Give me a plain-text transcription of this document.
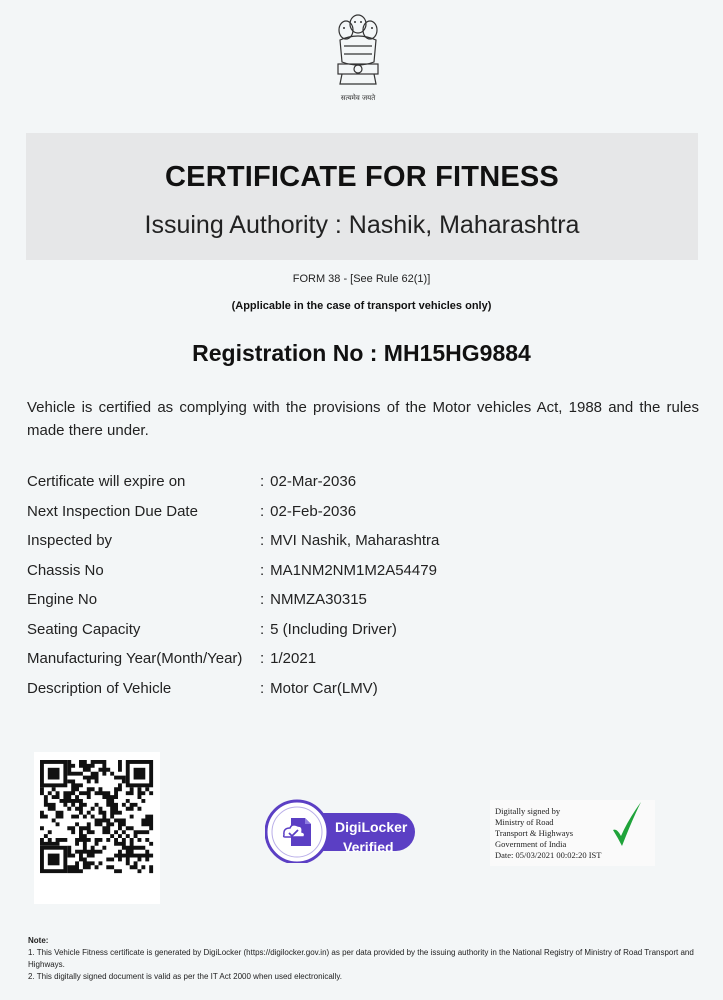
सत्यमेव जयते
CERTIFICATE FOR FITNESS
Issuing Authority : Nashik, Maharashtra
FORM 38 - [See Rule 62(1)]
(Applicable in the case of transport vehicles only)
Registration No : MH15HG9884
Vehicle is certified as complying with the provisions of the Motor vehicles Act, 1988 and the rules made there under.
Certificate will expire on	: 02-Mar-2036
Next Inspection Due Date	: 02-Feb-2036
Inspected by	: MVI Nashik, Maharashtra
Chassis No	: MA1NM2NM1M2A54479
Engine No	: NMMZA30315
Seating Capacity	: 5 (Including Driver)
Manufacturing Year(Month/Year) : 1/2021
Description of Vehicle	: Motor Car(LMV)
DigiLocker
Verified
Digitally signed by
Ministry of Road
Transport & Highways
Government of India
Date: 05/03/2021 00:02:20 IST
Note:
1. This Vehicle Fitness certificate is generated by DigiLocker (https://digilocker.gov.in) as per data provided by the issuing authority in the National Registry of Ministry of Road Transport and Highways.
2. This digitally signed document is valid as per the IT Act 2000 when used electronically.
